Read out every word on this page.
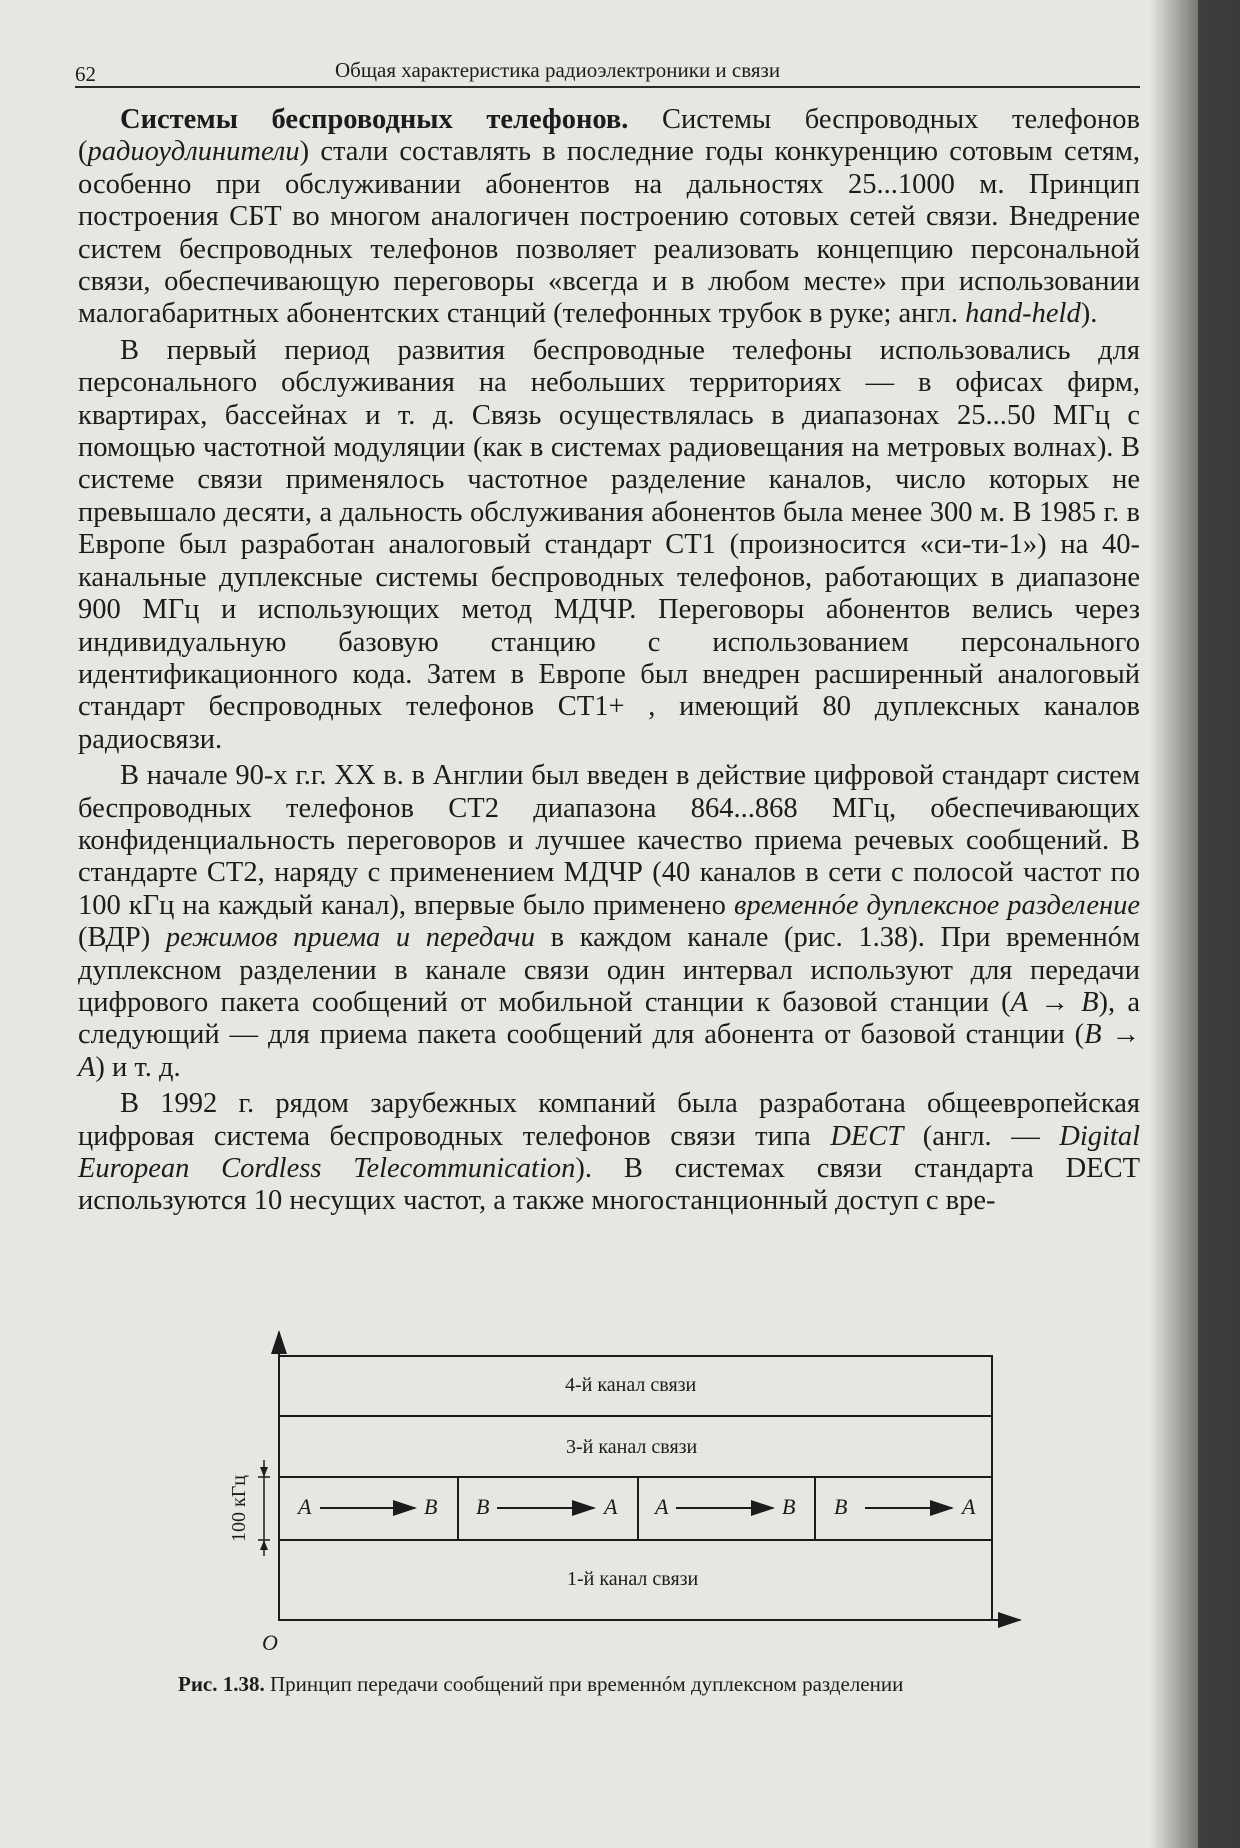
62	Общая характеристика радиоэлектроники и связи

Системы беспроводных телефонов. Системы беспроводных телефонов (радиоудлинители) стали составлять в последние годы конкуренцию сотовым сетям, особенно при обслуживании абонентов на дальностях 25...1000 м. Принцип построения СБТ во многом аналогичен построению сотовых сетей связи. Внедрение систем беспроводных телефонов позволяет реализовать концепцию персональной связи, обеспечивающую переговоры «всегда и в любом месте» при использовании малогабаритных абонентских станций (телефонных трубок в руке; англ. hand-held).

В первый период развития беспроводные телефоны использовались для персонального обслуживания на небольших территориях — в офисах фирм, квартирах, бассейнах и т. д. Связь осуществлялась в диапазонах 25...50 МГц с помощью частотной модуляции (как в системах радиовещания на метровых волнах). В системе связи применялось частотное разделение каналов, число которых не превышало десяти, а дальность обслуживания абонентов была менее 300 м. В 1985 г. в Европе был разработан аналоговый стандарт СТ1 (произносится «си-ти-1») на 40-канальные дуплексные системы беспроводных телефонов, работающих в диапазоне 900 МГц и использующих метод МДЧР. Переговоры абонентов велись через индивидуальную базовую станцию с использованием персонального идентификационного кода. Затем в Европе был внедрен расширенный аналоговый стандарт беспроводных телефонов СТ1+ , имеющий 80 дуплексных каналов радиосвязи.

В начале 90-х г.г. XX в. в Англии был введен в действие цифровой стандарт систем беспроводных телефонов СТ2 диапазона 864...868 МГц, обеспечивающих конфиденциальность переговоров и лучшее качество приема речевых сообщений. В стандарте СТ2, наряду с применением МДЧР (40 каналов в сети с полосой частот по 100 кГц на каждый канал), впервые было применено временнóе дуплексное разделение (ВДР) режимов приема и передачи в каждом канале (рис. 1.38). При временнóм дуплексном разделении в канале связи один интервал используют для передачи цифрового пакета сообщений от мобильной станции к базовой станции (А → В), а следующий — для приема пакета сообщений для абонента от базовой станции (В → А) и т. д.

В 1992 г. рядом зарубежных компаний была разработана общеевропейская цифровая система беспроводных телефонов связи типа DECT (англ. — Digital European Cordless Telecommunication). В системах связи стандарта DECT используются 10 несущих частот, а также многостанционный доступ с вре-

4-й канал связи
3-й канал связи
1-й канал связи
100 кГц
O
A	B B	A A	B B	A
Рис. 1.38. Принцип передачи сообщений при временнóм дуплексном разделении
